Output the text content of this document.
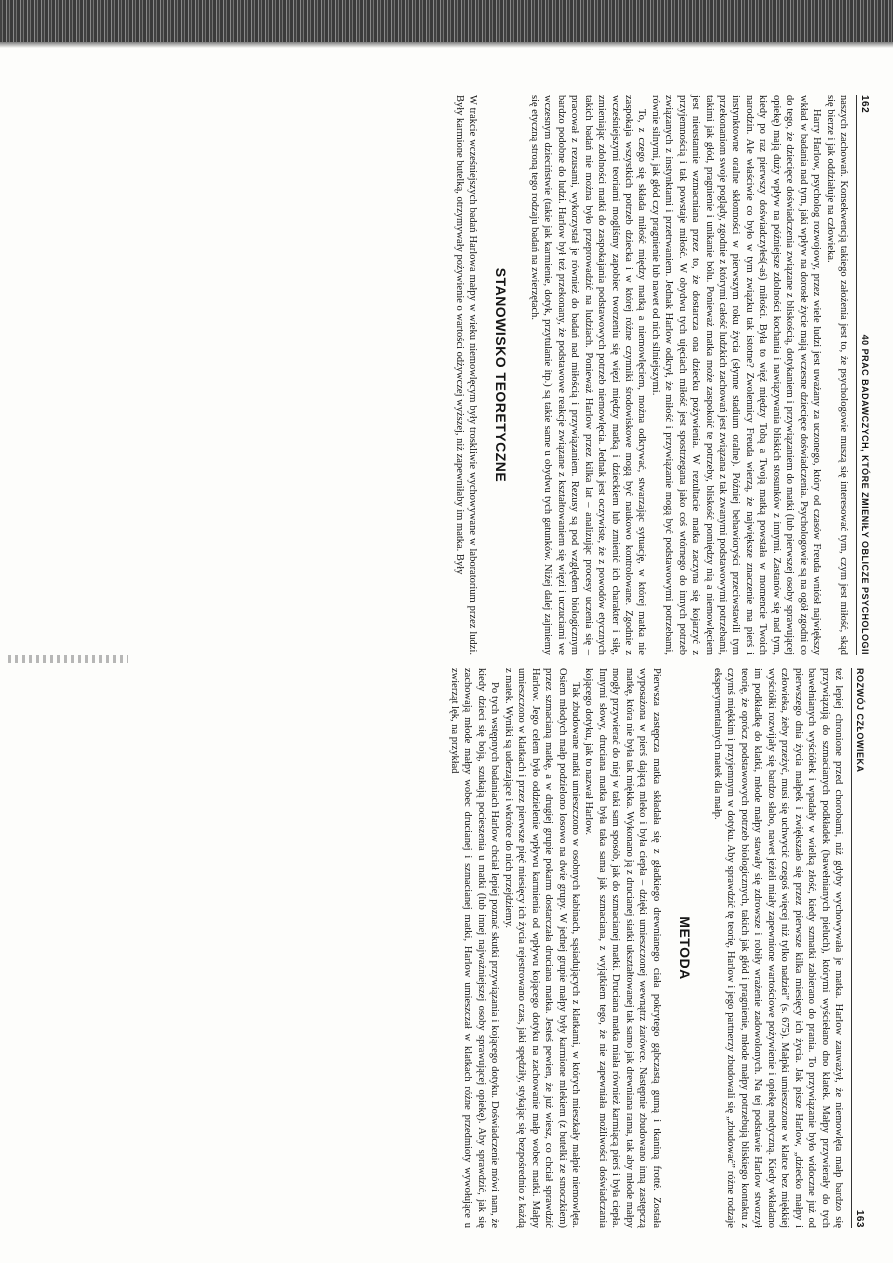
162
40 PRAC BADAWCZYCH, KTÓRE ZMIENIŁY OBLICZE PSYCHOLOGII

naszych zachowań. Konsekwencją takiego założenia jest to, że psychologowie muszą się interesować tym, czym jest miłość, skąd się bierze i jak oddziałuje na człowieka.

Harry Harlow, psycholog rozwojowy, przez wiele ludzi jest uważany za uczonego, który od czasów Freuda wniósł największy wkład w badania nad tym, jaki wpływ na dorosłe życie mają wczesne dziecięce doświadczenia. Psychologowie są na ogół zgodni co do tego, że dziecięce doświadczenia związane z bliskością, dotykaniem i przywiązaniem do matki (lub pierwszej osoby sprawującej opiekę) mają duży wpływ na późniejsze zdolności kochania i nawiązywania bliskich stosunków z innymi. Zastanów się nad tym, kiedy po raz pierwszy doświadczyłeś(-aś) miłości. Była to więź między Tobą a Twoją matką powstała w momencie Twoich narodzin. Ale właściwie co było w tym związku tak istotne? Zwolennicy Freuda wierzą, że największe znaczenie ma pierś i instynktowne oralne skłonności w pierwszym roku życia (słynne stadium oralne). Później behawioryści przeciwstawili tym przekonaniom swoje poglądy, zgodnie z którymi całość ludzkich zachowań jest związana z tak zwanymi podstawowymi potrzebami, takimi jak głód, pragnienie i unikanie bólu. Ponieważ matka może zaspokoić te potrzeby, bliskość pomiędzy nią a niemowlęciem jest nieustannie wzmacniana przez to, że dostarcza ona dziecku pożywienia. W rezultacie matka zaczyna się kojarzyć z przyjemnością i tak powstaje miłość. W obydwu tych ujęciach miłość jest spostrzegana jako coś wtórnego do innych potrzeb związanych z instynktami i przetrwaniem. Jednak Harlow odkrył, że miłość i przywiązanie mogą być podstawowymi potrzebami, równie silnymi, jak głód czy pragnienie lub nawet od nich silniejszymi.

To, z czego się składa miłość między matką a niemowlęciem, można odkrywać, stwarzając sytuację, w której matka nie zaspokaja wszystkich potrzeb dziecka i w której różne czynniki środowiskowe mogą być naukowo kontrolowane. Zgodnie z wcześniejszymi teoriami mogliśmy zapobiec tworzeniu się więzi między matką i dzieckiem lub zmienić ich charakter i siłę, zmieniając zdolności matki do zaspokajania podstawowych potrzeb niemowlęcia. Jednak jest oczywiste, że z powodów etycznych takich badań nie można było przeprowadzić na ludziach. Ponieważ Harlow przez kilka lat – analizując procesy uczenia się – pracował z rezusami, wykorzystał je również do badań nad miłością i przywiązaniem. Rezusy są pod względem biologicznym bardzo podobne do ludzi. Harlow był też przekonany, że podstawowe reakcje związane z kształtowaniem się więzi i uczuciami we wczesnym dzieciństwie (takie jak karmienie, dotyk, przytulanie itp.) są takie same u obydwu tych gatunków. Niżej dalej zajmiemy się etyczną stroną tego rodzaju badań na zwierzętach.

STANOWISKO TEORETYCZNE

W trakcie wcześniejszych badań Harlowa małpy w wieku niemowlęcym były troskliwie wychowywane w laboratorium przez ludzi. Były karmione butelką, otrzymywały pożywienie o wartości odżywczej wyższej, niż zapewniłaby im matka. Były

ROZWÓJ CZŁOWIEKA
163

też lepiej chronione przed chorobami, niż gdyby wychowywała je matka. Harlow zauważył, że niemowlęta małp bardzo się przywiązują do szmacianych podkładek (bawełnianych pieluch), którymi wyściełano dno klatek. Małpy przywierały do tych bawełnianych wyściółek i wpadały w wielką złość, kiedy szmatki zabierano do prania. To przywiązanie było widoczne już od pierwszego dnia życia małpek i zwiększało się przez pierwsze kilka miesięcy ich życia. Jak pisze Harlow, „dziecko małpy i człowieka, żeby przeżyć, musi się uchwycić czegoś więcej niż tylko nadziei” (s. 675). Małpki umieszczone w klatce bez miękkiej wyściółki rozwijały się bardzo słabo, nawet jeżeli miały zapewnione wartościowe pożywienie i opiekę medyczną. Kiedy wkładano im podkładkę do klatki, młode małpy stawały się zdrowsze i robiły wrażenie zadowolonych. Na tej podstawie Harlow stworzył teorię, że oprócz podstawowych potrzeb biologicznych, takich jak głód i pragnienie, młode małpy potrzebują bliskiego kontaktu z czymś miękkim i przyjemnym w dotyku. Aby sprawdzić tę teorię, Harlow i jego partnerzy zbudowali się „zbudować” różne rodzaje eksperymentalnych matek dla małp.

METODA

Pierwsza zastępcza matka składała się z gładkiego drewnianego ciała pokrytego gąbczastą gumą i tkaniną frotté. Została wyposażona w pierś dającą mleko i była ciepła – dzięki umieszczonej wewnątrz żarówce. Następnie zbudowano inną zastępczą matkę, która nie była tak miękka. Wykonano ją z drucianej siatki ukształtowanej tak samo jak drewniana rama, tak aby młode małpy mogły przywierać do niej w taki sam sposób, jak do szmacianej matki. Druciana matka miała również karmiącą pierś i była ciepła. Innymi słowy, druciana matka była taka sama jak szmaciana, z wyjątkiem tego, że nie zapewniała możliwości doświadczania kojącego dotyku, jak to nazwał Harlow.

Tak zbudowane matki umieszczono w osobnych kabinach, sąsiadujących z klatkami, w których mieszkały małpie niemowlęta. Osiem młodych małp podzielono losowo na dwie grupy. W jednej grupie małpy były karmione mlekiem (z butelki ze smoczkiem) przez szmacianą matkę, a w drugiej grupie pokarm dostarczała druciana matka. Jesteś pewien, że już wiesz, co chciał sprawdzić Harlow. Jego celem było oddzielenie wpływu karmienia od wpływu kojącego dotyku na zachowanie małp wobec matki. Małpy umieszczono w klatkach i przez pierwsze pięć miesięcy ich życia rejestrowano czas, jaki spędziły, stykając się bezpośrednio z każdą z matek. Wyniki są uderzające i wkrótce do nich przejdziemy.

Po tych wstępnych badaniach Harlow chciał lepiej poznać skutki przywiązania i kojącego dotyku. Doświadczenie mówi nam, że kiedy dzieci się boją, szukają pocieszenia u matki (lub innej najważniejszej osoby sprawującej opiekę). Aby sprawdzić, jak się zachowają młode małpy wobec drucianej i szmacianej matki, Harlow umieszczał w klatkach różne przedmioty wywołujące u zwierząt lęk, na przykład
